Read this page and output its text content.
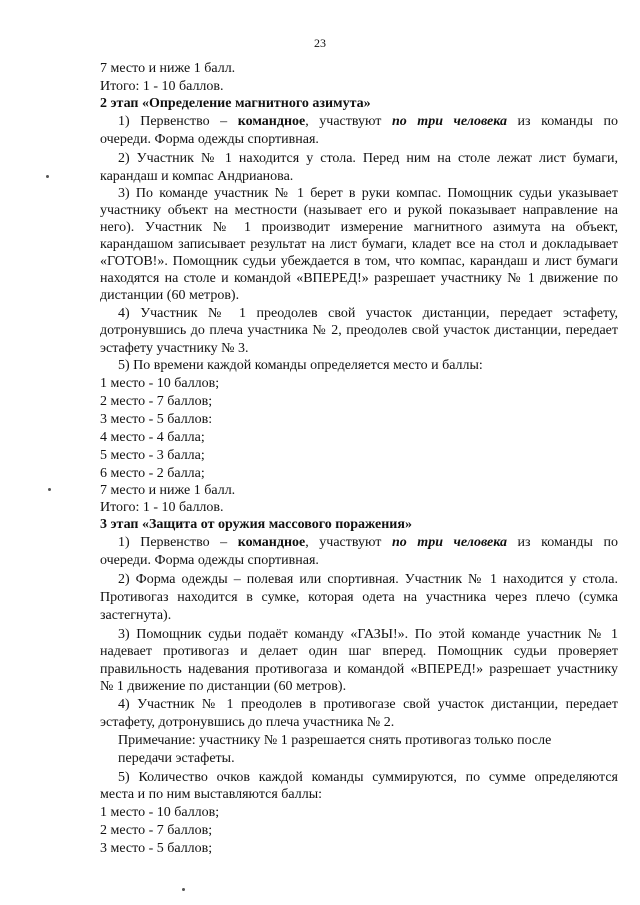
23
7 место и ниже 1 балл.
Итого: 1 - 10 баллов.
2 этап «Определение магнитного азимута»
1) Первенство – командное, участвуют по три человека из команды по
очереди. Форма одежды спортивная.
2) Участник № 1 находится у стола. Перед ним на столе лежат лист бумаги,
карандаш и компас Андрианова.
3) По команде участник № 1 берет в руки компас. Помощник судьи указывает
участнику объект на местности (называет его и рукой показывает направление на
него). Участник № 1 производит измерение магнитного азимута на объект,
карандашом записывает результат на лист бумаги, кладет все на стол и докладывает
«ГОТОВ!». Помощник судьи убеждается в том, что компас, карандаш и лист бумаги
находятся на столе и командой «ВПЕРЕД!» разрешает участнику № 1 движение по
дистанции (60 метров).
4) Участник № 1 преодолев свой участок дистанции, передает эстафету,
дотронувшись до плеча участника № 2, преодолев свой участок дистанции, передает
эстафету участнику № 3.
5) По времени каждой команды определяется место и баллы:
1 место - 10 баллов;
2 место - 7 баллов;
3 место - 5 баллов:
4 место - 4 балла;
5 место - 3 балла;
6 место - 2 балла;
7 место и ниже 1 балл.
Итого: 1 - 10 баллов.
3 этап «Защита от оружия массового поражения»
1) Первенство – командное, участвуют по три человека из команды по
очереди. Форма одежды спортивная.
2) Форма одежды – полевая или спортивная. Участник № 1 находится у стола.
Противогаз находится в сумке, которая одета на участника через плечо (сумка
застегнута).
3) Помощник судьи подаёт команду «ГАЗЫ!». По этой команде участник № 1
надевает противогаз и делает один шаг вперед. Помощник судьи проверяет
правильность надевания противогаза и командой «ВПЕРЕД!» разрешает участнику
№ 1 движение по дистанции (60 метров).
4) Участник № 1 преодолев в противогазе свой участок дистанции, передает
эстафету, дотронувшись до плеча участника № 2.
Примечание: участнику № 1 разрешается снять противогаз только после
передачи эстафеты.
5) Количество очков каждой команды суммируются, по сумме определяются
места и по ним выставляются баллы:
1 место - 10 баллов;
2 место - 7 баллов;
3 место - 5 баллов;
